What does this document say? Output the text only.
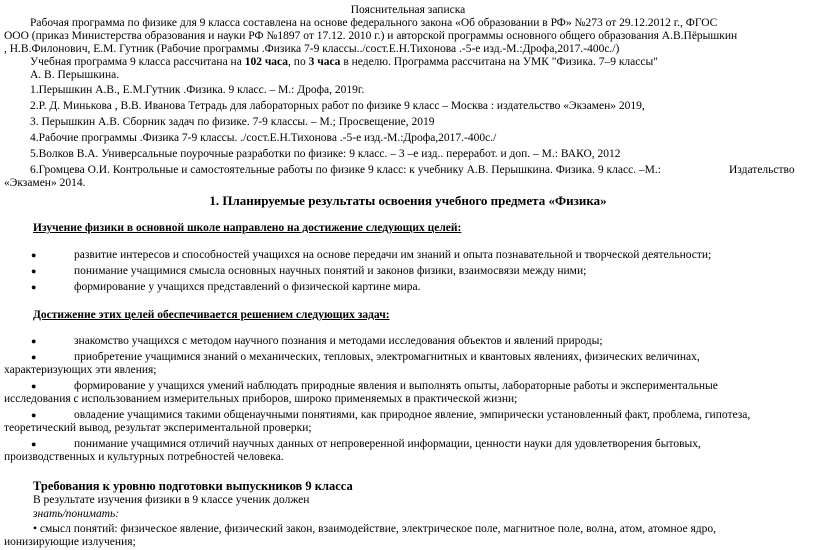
Пояснительная записка
Рабочая программа по физике для 9 класса составлена на основе федерального закона «Об образовании в РФ» №273 от 29.12.2012 г., ФГОС
ООО (приказ Министерства образования и науки РФ №1897 от 17.12. 2010 г.) и авторской программы основного общего образования А.В.Пёрышкин
, Н.В.Филонович, Е.М. Гутник (Рабочие программы .Физика 7-9 классы../сост.Е.Н.Тихонова .-5-е изд.-М.:Дрофа,2017.-400с./)
Учебная программа 9 класса рассчитана на 102 часа, по 3 часа в неделю. Программа рассчитана на УМК "Физика. 7–9 классы"
А. В. Перышкина.
1.Перышкин А.В., Е.М.Гутник .Физика. 9 класс. – М.: Дрофа, 2019г.
2.Р. Д. Минькова , В.В. Иванова Тетрадь для лабораторных работ по физике 9 класс – Москва : издательство «Экзамен» 2019,
3. Перышкин А.В. Сборник задач по физике. 7-9 классы. – М.; Просвещение, 2019
4.Рабочие программы .Физика 7-9 классы. ./сост.Е.Н.Тихонова .-5-е изд.-М.:Дрофа,2017.-400с./
5.Волков В.А. Универсальные поурочные разработки по физике: 9 класс. – 3 –е изд.. переработ. и доп. – М.: ВАКО, 2012
6.Громцева О.И. Контрольные и самостоятельные работы по физике 9 класс: к учебнику А.В. Перышкина. Физика. 9 класс. –М.:	Издательство
«Экзамен» 2014.
1. Планируемые результаты освоения учебного предмета «Физика»
Изучение физики в основной школе направлено на достижение следующих целей:
●	развитие интересов и способностей учащихся на основе передачи им знаний и опыта познавательной и творческой деятельности;
●	понимание учащимися смысла основных научных понятий и законов физики, взаимосвязи между ними;
●	формирование у учащихся представлений о физической картине мира.
Достижение этих целей обеспечивается решением следующих задач:
●	знакомство учащихся с методом научного познания и методами исследования объектов и явлений природы;
●	приобретение учащимися знаний о механических, тепловых, электромагнитных и квантовых явлениях, физических величинах,
характеризующих эти явления;
●	формирование у учащихся умений наблюдать природные явления и выполнять опыты, лабораторные работы и экспериментальные
исследования с использованием измерительных приборов, широко применяемых в практической жизни;
●	овладение учащимися такими общенаучными понятиями, как природное явление, эмпирически установленный факт, проблема, гипотеза,
теоретический вывод, результат экспериментальной проверки;
●	понимание учащимися отличий научных данных от непроверенной информации, ценности науки для удовлетворения бытовых,
производственных и культурных потребностей человека.
Требования к уровню подготовки выпускников 9 класса
В результате изучения физики в 9 классе ученик должен
знать/понимать:
• смысл понятий: физическое явление, физический закон, взаимодействие, электрическое поле, магнитное поле, волна, атом, атомное ядро,
ионизирующие излучения;
